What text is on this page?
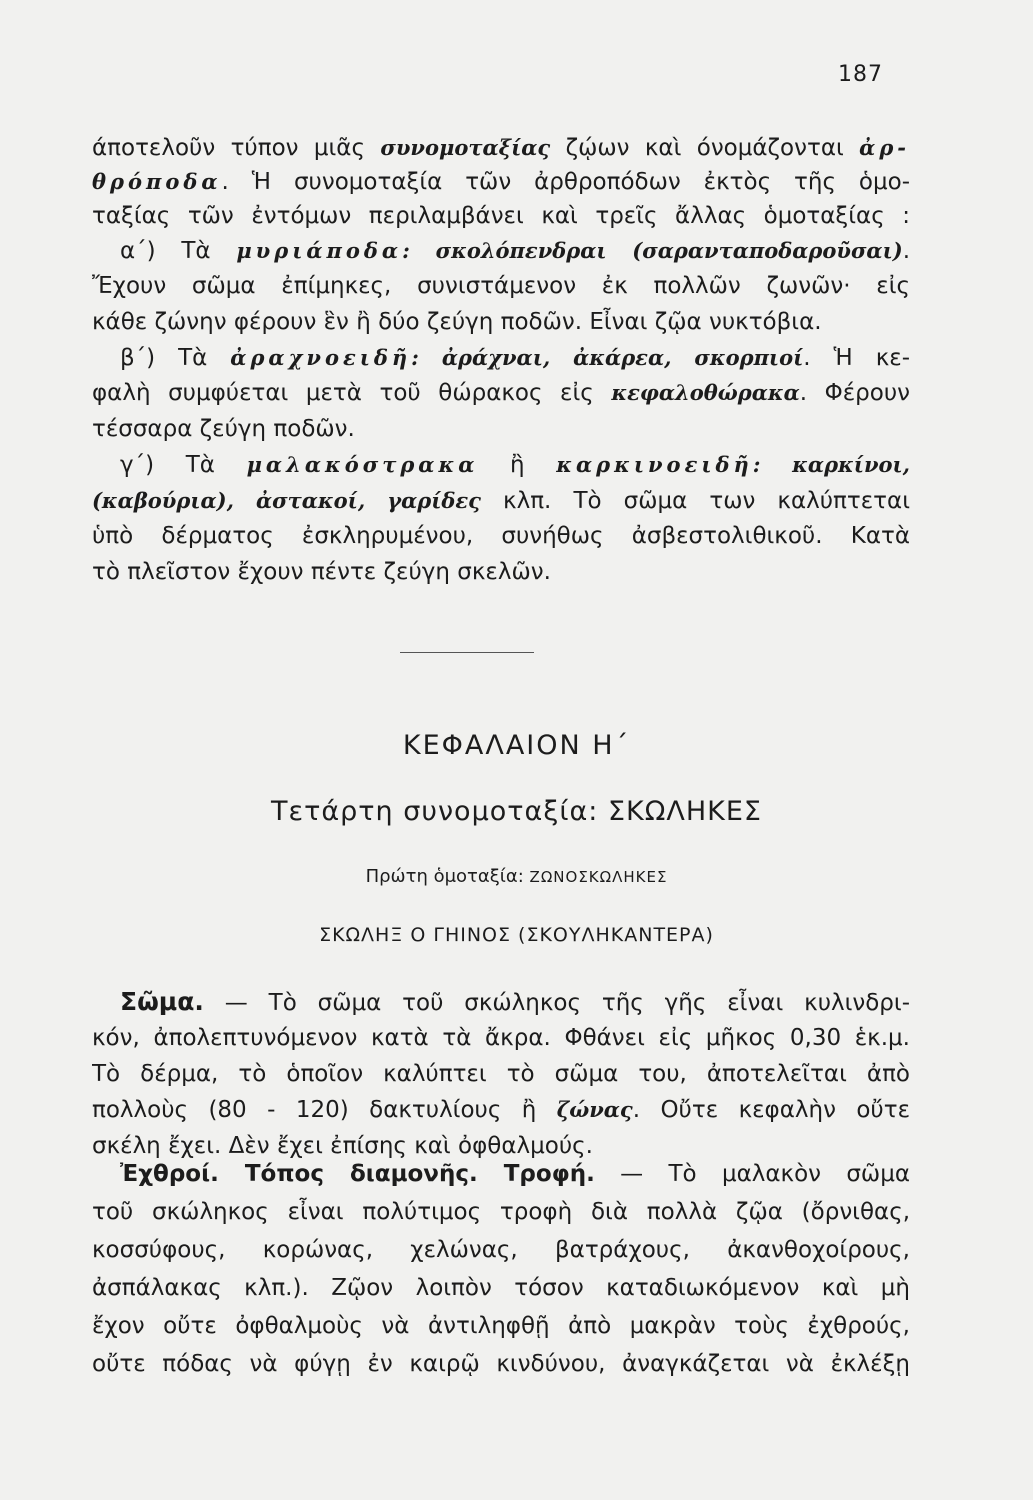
187
άποτελοῦν τύπον μιᾶς συνομοταξίας ζῴων καὶ όνομάζονται ἀρ-
θρόποδα. Ἡ συνομοταξία τῶν ἀρθροπόδων ἐκτὸς τῆς ὁμο-
ταξίας τῶν ἐντόμων περιλαμβάνει καὶ τρεῖς ἄλλας ὁμοταξίας :
α΄) Τὰ μυριάποδα: σκολόπενδραι (σαρανταποδαροῦσαι).
Ἔχουν σῶμα ἐπίμηκες, συνιστάμενον ἐκ πολλῶν ζωνῶν· εἰς
κάθε ζώνην φέρουν ἓν ἢ δύο ζεύγη ποδῶν. Εἶναι ζῷα νυκτόβια.
β΄) Τὰ ἀραχνοειδῆ: ἀράχναι, ἀκάρεα, σκορπιοί. Ἡ κε-
φαλὴ συμφύεται μετὰ τοῦ θώρακος εἰς κεφαλοθώρακα. Φέρουν
τέσσαρα ζεύγη ποδῶν.
γ΄) Τὰ μαλακόστρακα ἢ καρκινοειδῆ: καρκίνοι,
(καβούρια), ἀστακοί, γαρίδες κλπ. Τὸ σῶμα των καλύπτεται
ὑπὸ δέρματος ἐσκληρυμένου, συνήθως ἀσβεστολιθικοῦ. Κατὰ
τὸ πλεῖστον ἔχουν πέντε ζεύγη σκελῶν.
ΚΕΦΑΛΑΙΟΝ Η΄
Τετάρτη συνομοταξία: ΣΚΩΛΗΚΕΣ
Πρώτη ὁμοταξία: ΖΩΝΟΣΚΩΛΗΚΕΣ
ΣΚΩΛΗΞ Ο ΓΗΙΝΟΣ (ΣΚΟΥΛΗΚΑΝΤΕΡΑ)
Σῶμα. — Τὸ σῶμα τοῦ σκώληκος τῆς γῆς εἶναι κυλινδρι-
κόν, ἀπολεπτυνόμενον κατὰ τὰ ἄκρα. Φθάνει εἰς μῆκος 0,30 ἑκ.μ.
Τὸ δέρμα, τὸ ὁποῖον καλύπτει τὸ σῶμα του, ἀποτελεῖται ἀπὸ
πολλοὺς (80 - 120) δακτυλίους ἢ ζώνας. Οὔτε κεφαλὴν οὔτε
σκέλη ἔχει. Δὲν ἔχει ἐπίσης καὶ ὀφθαλμούς.
Ἐχθροί. Τόπος διαμονῆς. Τροφή. — Τὸ μαλακὸν σῶμα
τοῦ σκώληκος εἶναι πολύτιμος τροφὴ διὰ πολλὰ ζῷα (ὄρνιθας,
κοσσύφους, κορώνας, χελώνας, βατράχους, ἀκανθοχοίρους,
ἀσπάλακας κλπ.). Ζῷον λοιπὸν τόσον καταδιωκόμενον καὶ μὴ
ἔχον οὔτε ὀφθαλμοὺς νὰ ἀντιληφθῇ ἀπὸ μακρὰν τοὺς ἐχθρούς,
οὔτε πόδας νὰ φύγῃ ἐν καιρῷ κινδύνου, ἀναγκάζεται νὰ ἐκλέξῃ
